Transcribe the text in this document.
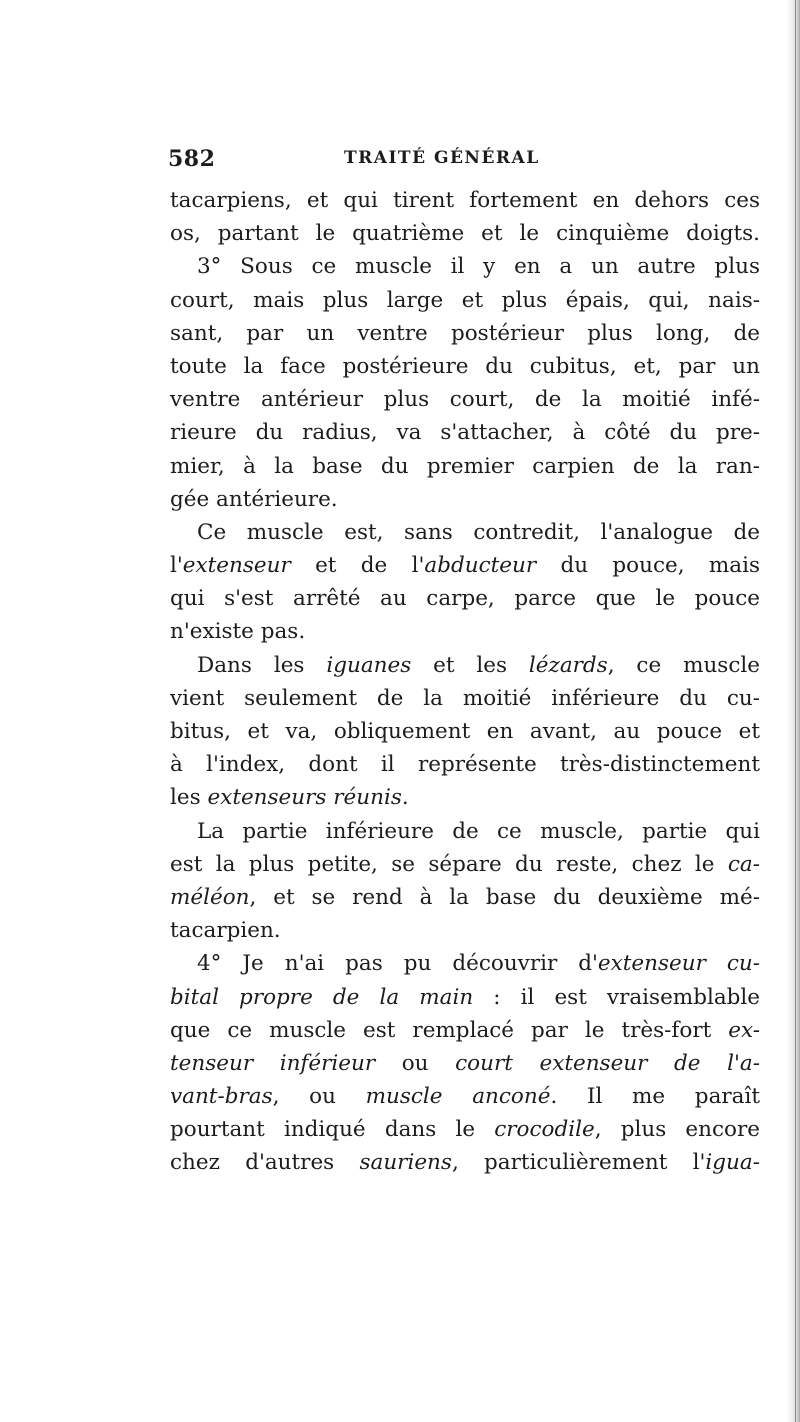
582	TRAITÉ GÉNÉRAL
tacarpiens, et qui tirent fortement en dehors ces
os, partant le quatrième et le cinquième doigts.
3° Sous ce muscle il y en a un autre plus
court, mais plus large et plus épais, qui, nais-
sant, par un ventre postérieur plus long, de
toute la face postérieure du cubitus, et, par un
ventre antérieur plus court, de la moitié infé-
rieure du radius, va s'attacher, à côté du pre-
mier, à la base du premier carpien de la ran-
gée antérieure.
Ce muscle est, sans contredit, l'analogue de
l'extenseur et de l'abducteur du pouce, mais
qui s'est arrêté au carpe, parce que le pouce
n'existe pas.
Dans les iguanes et les lézards, ce muscle
vient seulement de la moitié inférieure du cu-
bitus, et va, obliquement en avant, au pouce et
à l'index, dont il représente très-distinctement
les extenseurs réunis.
La partie inférieure de ce muscle, partie qui
est la plus petite, se sépare du reste, chez le ca-
méléon, et se rend à la base du deuxième mé-
tacarpien.
4° Je n'ai pas pu découvrir d'extenseur cu-
bital propre de la main : il est vraisemblable
que ce muscle est remplacé par le très-fort ex-
tenseur inférieur ou court extenseur de l'a-
vant-bras, ou muscle anconé. Il me paraît
pourtant indiqué dans le crocodile, plus encore
chez d'autres sauriens, particulièrement l'igua-
